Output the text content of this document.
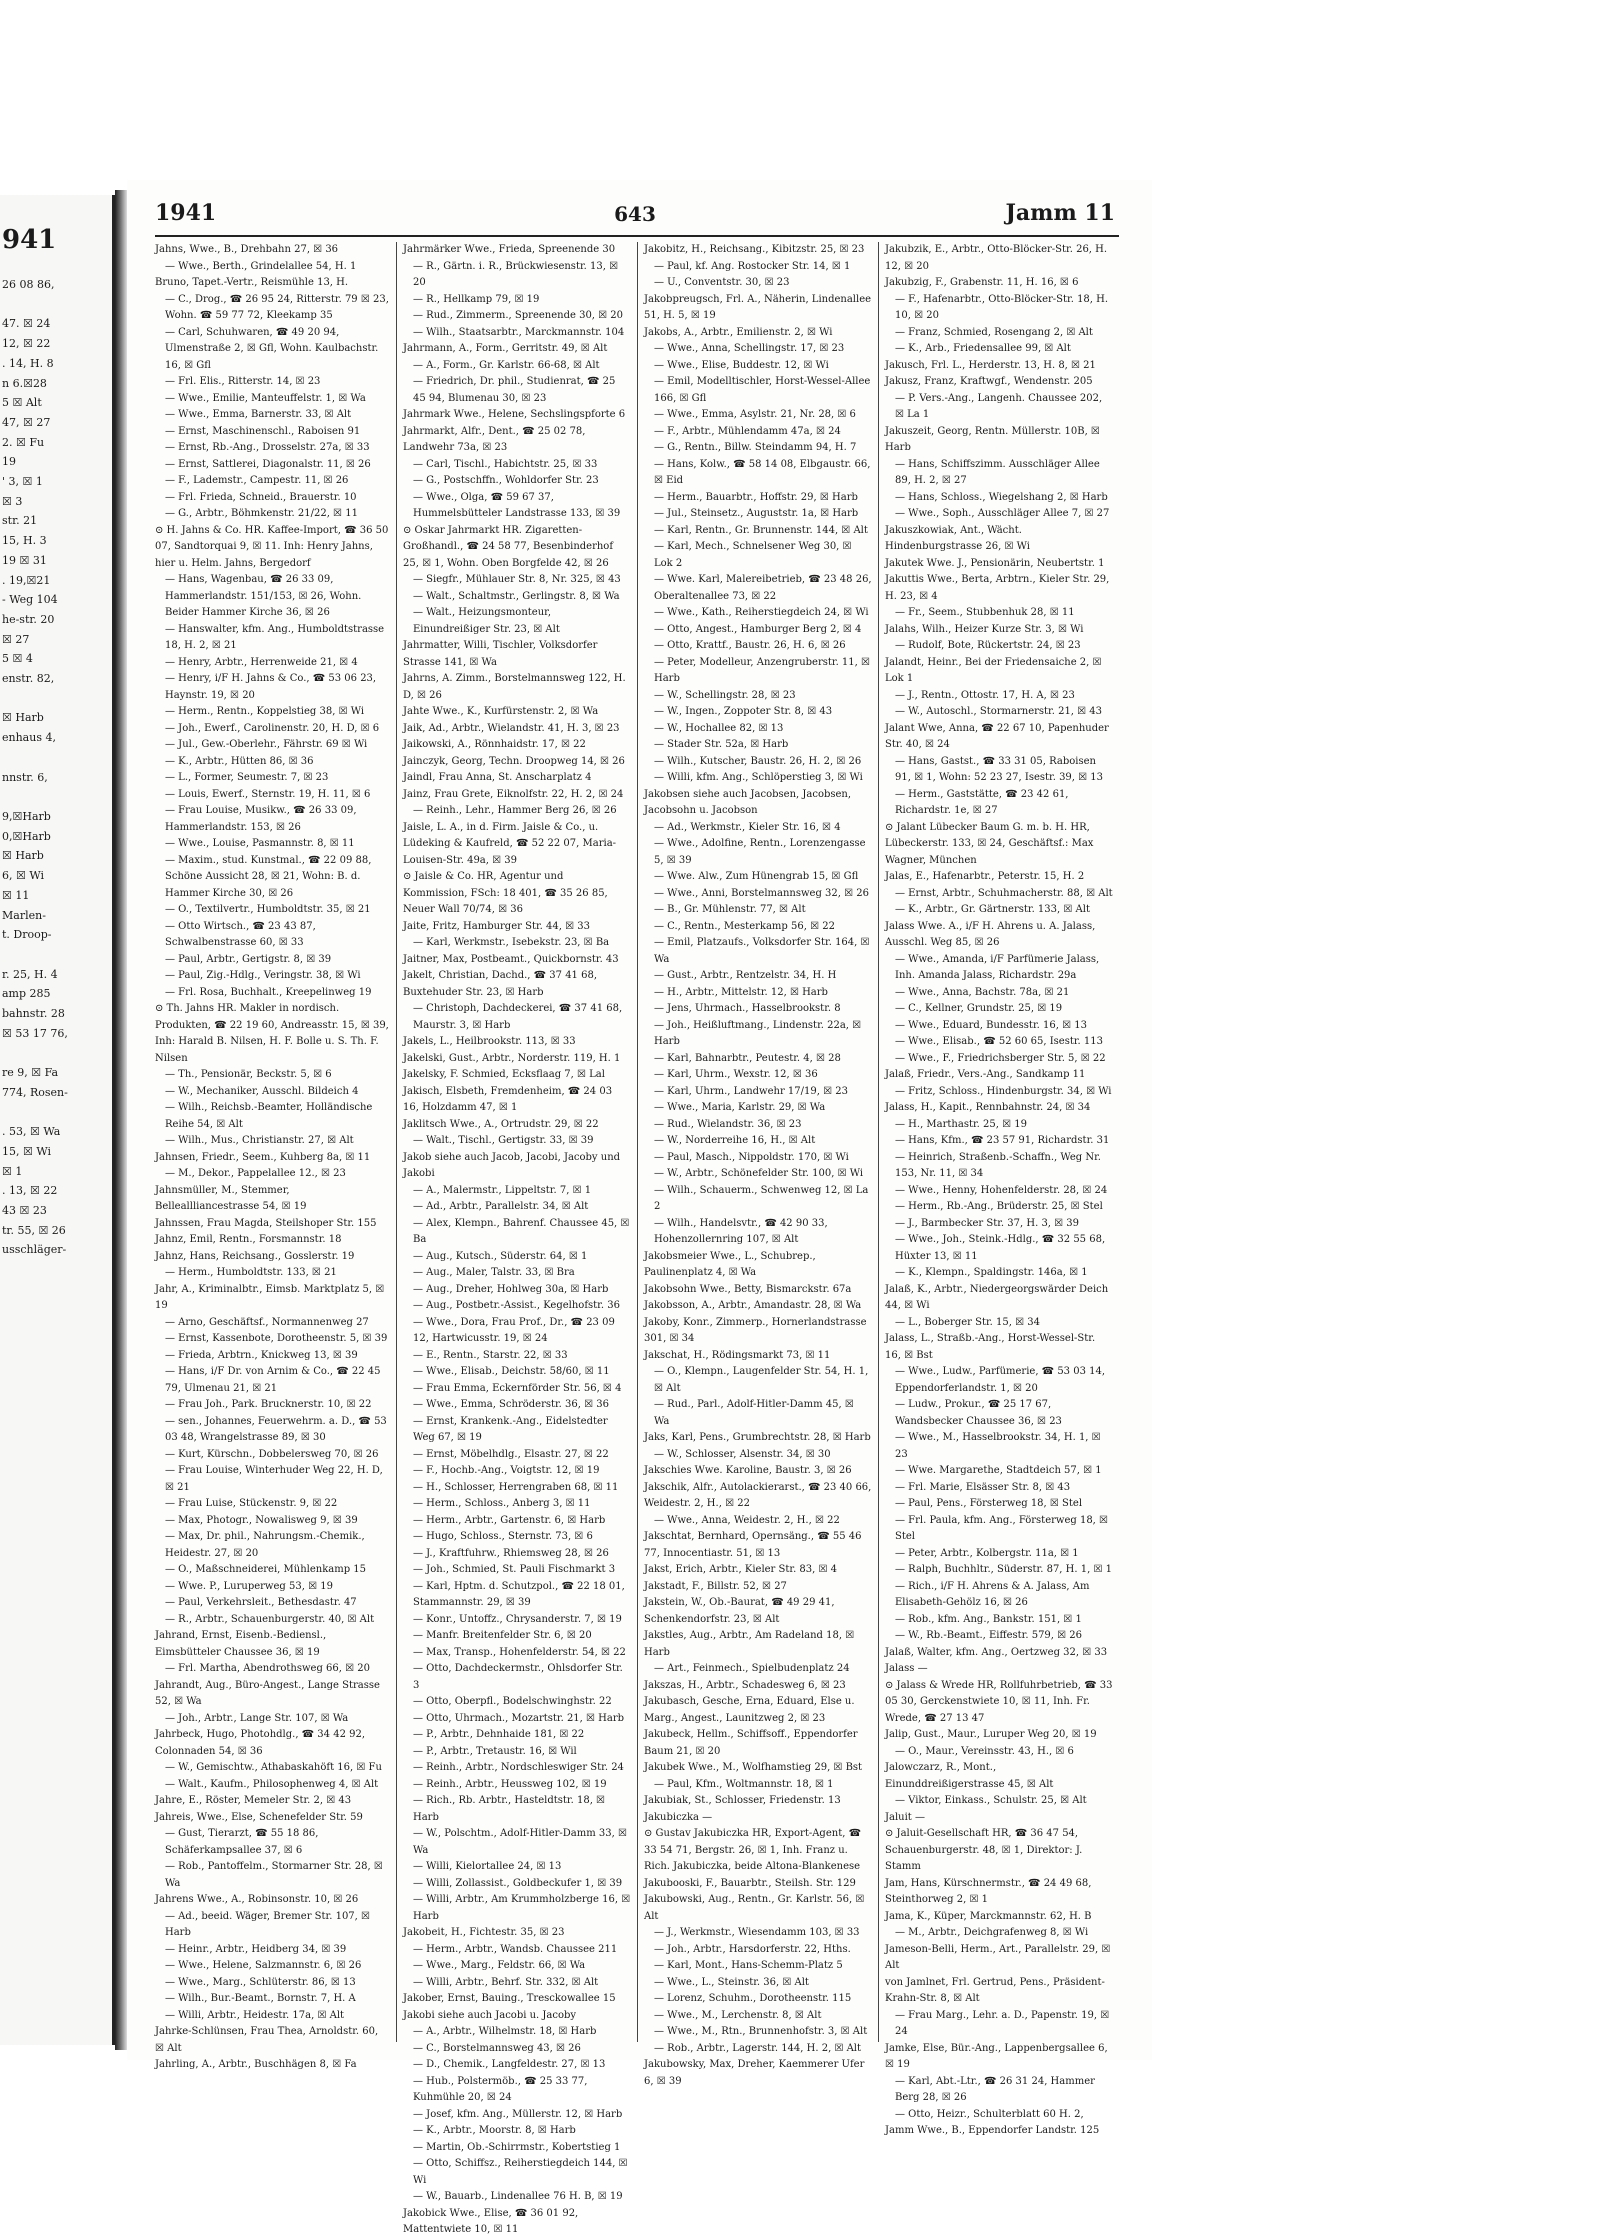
941
26 08 86,

47. ☒ 24
12, ☒ 22
. 14, H. 8
n 6.☒28
5 ☒ Alt
47, ☒ 27
2. ☒ Fu
19
' 3, ☒ 1
☒ 3
str. 21
15, H. 3
19 ☒ 31
. 19,☒21
- Weg 104
he-str. 20
☒ 27
5 ☒ 4
enstr. 82,

☒ Harb
enhaus 4,

nnstr. 6,

9,☒Harb
0,☒Harb
☒ Harb
6, ☒ Wi
☒ 11
Marlen-
t. Droop-

r. 25, H. 4
amp 285
bahnstr. 28
☒ 53 17 76,

re 9, ☒ Fa
774, Rosen-

. 53, ☒ Wa
15, ☒ Wi
☒ 1
. 13, ☒ 22
43 ☒ 23
tr. 55, ☒ 26
usschläger-
1941	643	Jamm 11

Jahns, Wwe., B., Drehbahn 27, ☒ 36

— Wwe., Berth., Grindelallee 54, H. 1

Bruno, Tapet.-Vertr., Reismühle 13, H.

— C., Drog., ☎ 26 95 24, Ritterstr. 79 ☒ 23, Wohn. ☎ 59 77 72, Kleekamp 35

— Carl, Schuhwaren, ☎ 49 20 94, Ulmenstraße 2, ☒ Gfl, Wohn. Kaulbachstr. 16, ☒ Gfl

— Frl. Elis., Ritterstr. 14, ☒ 23

— Wwe., Emilie, Manteuffelstr. 1, ☒ Wa

— Wwe., Emma, Barnerstr. 33, ☒ Alt

— Ernst, Maschinenschl., Raboisen 91

— Ernst, Rb.-Ang., Drosselstr. 27a, ☒ 33

— Ernst, Sattlerei, Diagonalstr. 11, ☒ 26

— F., Lademstr., Campestr. 11, ☒ 26

— Frl. Frieda, Schneid., Brauerstr. 10

— G., Arbtr., Böhmkenstr. 21/22, ☒ 11

⊙ H. Jahns & Co. HR. Kaffee-Import, ☎ 36 50 07, Sandtorquai 9, ☒ 11. Inh: Henry Jahns, hier u. Helm. Jahns, Bergedorf

— Hans, Wagenbau, ☎ 26 33 09, Hammerlandstr. 151/153, ☒ 26, Wohn. Beider Hammer Kirche 36, ☒ 26

— Hanswalter, kfm. Ang., Humboldtstrasse 18, H. 2, ☒ 21

— Henry, Arbtr., Herrenweide 21, ☒ 4

— Henry, i/F H. Jahns & Co., ☎ 53 06 23, Haynstr. 19, ☒ 20

— Herm., Rentn., Koppelstieg 38, ☒ Wi

— Joh., Ewerf., Carolinenstr. 20, H. D, ☒ 6

— Jul., Gew.-Oberlehr., Fährstr. 69 ☒ Wi

— K., Arbtr., Hütten 86, ☒ 36

— L., Former, Seumestr. 7, ☒ 23

— Louis, Ewerf., Sternstr. 19, H. 11, ☒ 6

— Frau Louise, Musikw., ☎ 26 33 09, Hammerlandstr. 153, ☒ 26

— Wwe., Louise, Pasmannstr. 8, ☒ 11

— Maxim., stud. Kunstmal., ☎ 22 09 88, Schöne Aussicht 28, ☒ 21, Wohn: B. d. Hammer Kirche 30, ☒ 26

— O., Textilvertr., Humboldtstr. 35, ☒ 21

— Otto Wirtsch., ☎ 23 43 87, Schwalbenstrasse 60, ☒ 33

— Paul, Arbtr., Gertigstr. 8, ☒ 39

— Paul, Zig.-Hdlg., Veringstr. 38, ☒ Wi

— Frl. Rosa, Buchhalt., Kreepelinweg 19

⊙ Th. Jahns HR. Makler in nordisch. Produkten, ☎ 22 19 60, Andreasstr. 15, ☒ 39, Inh: Harald B. Nilsen, H. F. Bolle u. S. Th. F. Nilsen

— Th., Pensionär, Beckstr. 5, ☒ 6

— W., Mechaniker, Ausschl. Bildeich 4

— Wilh., Reichsb.-Beamter, Holländische Reihe 54, ☒ Alt

— Wilh., Mus., Christianstr. 27, ☒ Alt

Jahnsen, Friedr., Seem., Kuhberg 8a, ☒ 11

— M., Dekor., Pappelallee 12., ☒ 23

Jahnsmüller, M., Stemmer, Belleallliancestrasse 54, ☒ 19

Jahnssen, Frau Magda, Steilshoper Str. 155

Jahnz, Emil, Rentn., Forsmannstr. 18

Jahnz, Hans, Reichsang., Gosslerstr. 19

— Herm., Humboldtstr. 133, ☒ 21

Jahr, A., Kriminalbtr., Eimsb. Marktplatz 5, ☒ 19

— Arno, Geschäftsf., Normannenweg 27

— Ernst, Kassenbote, Dorotheenstr. 5, ☒ 39

— Frieda, Arbtrn., Knickweg 13, ☒ 39

— Hans, i/F Dr. von Arnim & Co., ☎ 22 45 79, Ulmenau 21, ☒ 21

— Frau Joh., Park. Brucknerstr. 10, ☒ 22

— sen., Johannes, Feuerwehrm. a. D., ☎ 53 03 48, Wrangelstrasse 89, ☒ 30

— Kurt, Kürschn., Dobbelersweg 70, ☒ 26

— Frau Louise, Winterhuder Weg 22, H. D, ☒ 21

— Frau Luise, Stückenstr. 9, ☒ 22

— Max, Photogr., Nowalisweg 9, ☒ 39

— Max, Dr. phil., Nahrungsm.-Chemik., Heidestr. 27, ☒ 20

— O., Maßschneiderei, Mühlenkamp 15

— Wwe. P., Luruperweg 53, ☒ 19

— Paul, Verkehrsleit., Bethesdastr. 47

— R., Arbtr., Schauenburgerstr. 40, ☒ Alt

Jahrand, Ernst, Eisenb.-Bediensl., Eimsbütteler Chaussee 36, ☒ 19

— Frl. Martha, Abendrothsweg 66, ☒ 20

Jahrandt, Aug., Büro-Angest., Lange Strasse 52, ☒ Wa

— Joh., Arbtr., Lange Str. 107, ☒ Wa

Jahrbeck, Hugo, Photohdlg., ☎ 34 42 92, Colonnaden 54, ☒ 36

— W., Gemischtw., Athabaskahöft 16, ☒ Fu

— Walt., Kaufm., Philosophenweg 4, ☒ Alt

Jahre, E., Röster, Memeler Str. 2, ☒ 43

Jahreis, Wwe., Else, Schenefelder Str. 59

— Gust, Tierarzt, ☎ 55 18 86, Schäferkampsallee 37, ☒ 6

— Rob., Pantoffelm., Stormarner Str. 28, ☒ Wa

Jahrens Wwe., A., Robinsonstr. 10, ☒ 26

— Ad., beeid. Wäger, Bremer Str. 107, ☒ Harb

— Heinr., Arbtr., Heidberg 34, ☒ 39

— Wwe., Helene, Salzmannstr. 6, ☒ 26

— Wwe., Marg., Schlüterstr. 86, ☒ 13

— Wilh., Bur.-Beamt., Bornstr. 7, H. A

— Willi, Arbtr., Heidestr. 17a, ☒ Alt

Jahrke-Schlünsen, Frau Thea, Arnoldstr. 60, ☒ Alt

Jahrling, A., Arbtr., Buschhägen 8, ☒ Fa

Jahrmärker Wwe., Frieda, Spreenende 30

— R., Gärtn. i. R., Brückwiesenstr. 13, ☒ 20

— R., Hellkamp 79, ☒ 19

— Rud., Zimmerm., Spreenende 30, ☒ 20

— Wilh., Staatsarbtr., Marckmannstr. 104

Jahrmann, A., Form., Gerritstr. 49, ☒ Alt

— A., Form., Gr. Karlstr. 66-68, ☒ Alt

— Friedrich, Dr. phil., Studienrat, ☎ 25 45 94, Blumenau 30, ☒ 23

Jahrmark Wwe., Helene, Sechslingspforte 6

Jahrmarkt, Alfr., Dent., ☎ 25 02 78, Landwehr 73a, ☒ 23

— Carl, Tischl., Habichtstr. 25, ☒ 33

— G., Postschffn., Wohldorfer Str. 23

— Wwe., Olga, ☎ 59 67 37, Hummelsbütteler Landstrasse 133, ☒ 39

⊙ Oskar Jahrmarkt HR. Zigaretten-Großhandl., ☎ 24 58 77, Besenbinderhof 25, ☒ 1, Wohn. Oben Borgfelde 42, ☒ 26

— Siegfr., Mühlauer Str. 8, Nr. 325, ☒ 43

— Walt., Schaltmstr., Gerlingstr. 8, ☒ Wa

— Walt., Heizungsmonteur, Einundreißiger Str. 23, ☒ Alt

Jahrmatter, Willi, Tischler, Volksdorfer Strasse 141, ☒ Wa

Jahrns, A. Zimm., Borstelmannsweg 122, H. D, ☒ 26

Jahte Wwe., K., Kurfürstenstr. 2, ☒ Wa

Jaik, Ad., Arbtr., Wielandstr. 41, H. 3, ☒ 23

Jaikowski, A., Rönnhaidstr. 17, ☒ 22

Jainczyk, Georg, Techn. Droopweg 14, ☒ 26

Jaindl, Frau Anna, St. Anscharplatz 4

Jainz, Frau Grete, Eiknolfstr. 22, H. 2, ☒ 24

— Reinh., Lehr., Hammer Berg 26, ☒ 26

Jaisle, L. A., in d. Firm. Jaisle & Co., u. Lüdeking & Kaufreld, ☎ 52 22 07, Maria-Louisen-Str. 49a, ☒ 39

⊙ Jaisle & Co. HR, Agentur und Kommission, FSch: 18 401, ☎ 35 26 85, Neuer Wall 70/74, ☒ 36

Jaite, Fritz, Hamburger Str. 44, ☒ 33

— Karl, Werkmstr., Isebekstr. 23, ☒ Ba

Jaitner, Max, Postbeamt., Quickbornstr. 43

Jakelt, Christian, Dachd., ☎ 37 41 68, Buxtehuder Str. 23, ☒ Harb

— Christoph, Dachdeckerei, ☎ 37 41 68, Maurstr. 3, ☒ Harb

Jakels, L., Heilbrookstr. 113, ☒ 33

Jakelski, Gust., Arbtr., Norderstr. 119, H. 1

Jakelsky, F. Schmied, Ecksflaag 7, ☒ Lal

Jakisch, Elsbeth, Fremdenheim, ☎ 24 03 16, Holzdamm 47, ☒ 1

Jaklitsch Wwe., A., Ortrudstr. 29, ☒ 22

— Walt., Tischl., Gertigstr. 33, ☒ 39

Jakob siehe auch Jacob, Jacobi, Jacoby und Jakobi

— A., Malermstr., Lippeltstr. 7, ☒ 1

— Ad., Arbtr., Parallelstr. 34, ☒ Alt

— Alex, Klempn., Bahrenf. Chaussee 45, ☒ Ba

— Aug., Kutsch., Süderstr. 64, ☒ 1

— Aug., Maler, Talstr. 33, ☒ Bra

— Aug., Dreher, Hohlweg 30a, ☒ Harb

— Aug., Postbetr.-Assist., Kegelhofstr. 36

— Wwe., Dora, Frau Prof., Dr., ☎ 23 09 12, Hartwicusstr. 19, ☒ 24

— E., Rentn., Starstr. 22, ☒ 33

— Wwe., Elisab., Deichstr. 58/60, ☒ 11

— Frau Emma, Eckernförder Str. 56, ☒ 4

— Wwe., Emma, Schröderstr. 36, ☒ 36

— Ernst, Krankenk.-Ang., Eidelstedter Weg 67, ☒ 19

— Ernst, Möbelhdlg., Elsastr. 27, ☒ 22

— F., Hochb.-Ang., Voigtstr. 12, ☒ 19

— H., Schlosser, Herrengraben 68, ☒ 11

— Herm., Schloss., Anberg 3, ☒ 11

— Herm., Arbtr., Gartenstr. 6, ☒ Harb

— Hugo, Schloss., Sternstr. 73, ☒ 6

— J., Kraftfuhrw., Rhiemsweg 28, ☒ 26

— Joh., Schmied, St. Pauli Fischmarkt 3

— Karl, Hptm. d. Schutzpol., ☎ 22 18 01, Stammannstr. 29, ☒ 39

— Konr., Untoffz., Chrysanderstr. 7, ☒ 19

— Manfr. Breitenfelder Str. 6, ☒ 20

— Max, Transp., Hohenfelderstr. 54, ☒ 22

— Otto, Dachdeckermstr., Ohlsdorfer Str. 3

— Otto, Oberpfl., Bodelschwinghstr. 22

— Otto, Uhrmach., Mozartstr. 21, ☒ Harb

— P., Arbtr., Dehnhaide 181, ☒ 22

— P., Arbtr., Tretaustr. 16, ☒ Wil

— Reinh., Arbtr., Nordschleswiger Str. 24

— Reinh., Arbtr., Heussweg 102, ☒ 19

— Rich., Rb. Arbtr., Hasteldtstr. 18, ☒ Harb

— W., Polschtm., Adolf-Hitler-Damm 33, ☒ Wa

— Willi, Kielortallee 24, ☒ 13

— Willi, Zollassist., Goldbeckufer 1, ☒ 39

— Willi, Arbtr., Am Krummholzberge 16, ☒ Harb

Jakobeit, H., Fichtestr. 35, ☒ 23

— Herm., Arbtr., Wandsb. Chaussee 211

— Wwe., Marg., Feldstr. 66, ☒ Wa

— Willi, Arbtr., Behrf. Str. 332, ☒ Alt

Jakober, Ernst, Bauing., Tresckowallee 15

Jakobi siehe auch Jacobi u. Jacoby

— A., Arbtr., Wilhelmstr. 18, ☒ Harb

— C., Borstelmannsweg 43, ☒ 26

— D., Chemik., Langfeldestr. 27, ☒ 13

— Hub., Polstermöb., ☎ 25 33 77, Kuhmühle 20, ☒ 24

— Josef, kfm. Ang., Müllerstr. 12, ☒ Harb

— K., Arbtr., Moorstr. 8, ☒ Harb

— Martin, Ob.-Schirrmstr., Kobertstieg 1

— Otto, Schiffsz., Reiherstiegdeich 144, ☒ Wi

— W., Bauarb., Lindenallee 76 H. B, ☒ 19

Jakobick Wwe., Elise, ☎ 36 01 92, Mattentwiete 10, ☒ 11

Jakobitz, H., Reichsang., Kibitzstr. 25, ☒ 23

— Paul, kf. Ang. Rostocker Str. 14, ☒ 1

— U., Conventstr. 30, ☒ 23

Jakobpreugsch, Frl. A., Näherin, Lindenallee 51, H. 5, ☒ 19

Jakobs, A., Arbtr., Emilienstr. 2, ☒ Wi

— Wwe., Anna, Schellingstr. 17, ☒ 23

— Wwe., Elise, Buddestr. 12, ☒ Wi

— Emil, Modelltischler, Horst-Wessel-Allee 166, ☒ Gfl

— Wwe., Emma, Asylstr. 21, Nr. 28, ☒ 6

— F., Arbtr., Mühlendamm 47a, ☒ 24

— G., Rentn., Billw. Steindamm 94, H. 7

— Hans, Kolw., ☎ 58 14 08, Elbgaustr. 66, ☒ Eid

— Herm., Bauarbtr., Hoffstr. 29, ☒ Harb

— Jul., Steinsetz., Auguststr. 1a, ☒ Harb

— Karl, Rentn., Gr. Brunnenstr. 144, ☒ Alt

— Karl, Mech., Schnelsener Weg 30, ☒ Lok 2

— Wwe. Karl, Malereibetrieb, ☎ 23 48 26, Oberaltenallee 73, ☒ 22

— Wwe., Kath., Reiherstiegdeich 24, ☒ Wi

— Otto, Angest., Hamburger Berg 2, ☒ 4

— Otto, Krattf., Baustr. 26, H. 6, ☒ 26

— Peter, Modelleur, Anzengruberstr. 11, ☒ Harb

— W., Schellingstr. 28, ☒ 23

— W., Ingen., Zoppoter Str. 8, ☒ 43

— W., Hochallee 82, ☒ 13

— Stader Str. 52a, ☒ Harb

— Wilh., Kutscher, Baustr. 26, H. 2, ☒ 26

— Willi, kfm. Ang., Schlöperstieg 3, ☒ Wi

Jakobsen siehe auch Jacobsen, Jacobsen, Jacobsohn u. Jacobson

— Ad., Werkmstr., Kieler Str. 16, ☒ 4

— Wwe., Adolfine, Rentn., Lorenzengasse 5, ☒ 39

— Wwe. Alw., Zum Hünengrab 15, ☒ Gfl

— Wwe., Anni, Borstelmannsweg 32, ☒ 26

— B., Gr. Mühlenstr. 77, ☒ Alt

— C., Rentn., Mesterkamp 56, ☒ 22

— Emil, Platzaufs., Volksdorfer Str. 164, ☒ Wa

— Gust., Arbtr., Rentzelstr. 34, H. H

— H., Arbtr., Mittelstr. 12, ☒ Harb

— Jens, Uhrmach., Hasselbrookstr. 8

— Joh., Heißluftmang., Lindenstr. 22a, ☒ Harb

— Karl, Bahnarbtr., Peutestr. 4, ☒ 28

— Karl, Uhrm., Wexstr. 12, ☒ 36

— Karl, Uhrm., Landwehr 17/19, ☒ 23

— Wwe., Maria, Karlstr. 29, ☒ Wa

— Rud., Wielandstr. 36, ☒ 23

— W., Norderreihe 16, H., ☒ Alt

— Paul, Masch., Nippoldstr. 170, ☒ Wi

— W., Arbtr., Schönefelder Str. 100, ☒ Wi

— Wilh., Schauerm., Schwenweg 12, ☒ La 2

— Wilh., Handelsvtr., ☎ 42 90 33, Hohenzollernring 107, ☒ Alt

Jakobsmeier Wwe., L., Schubrep., Paulinenplatz 4, ☒ Wa

Jakobsohn Wwe., Betty, Bismarckstr. 67a

Jakobsson, A., Arbtr., Amandastr. 28, ☒ Wa

Jakoby, Konr., Zimmerp., Hornerlandstrasse 301, ☒ 34

Jakschat, H., Rödingsmarkt 73, ☒ 11

— O., Klempn., Laugenfelder Str. 54, H. 1, ☒ Alt

— Rud., Parl., Adolf-Hitler-Damm 45, ☒ Wa

Jaks, Karl, Pens., Grumbrechtstr. 28, ☒ Harb

— W., Schlosser, Alsenstr. 34, ☒ 30

Jakschies Wwe. Karoline, Baustr. 3, ☒ 26

Jakschik, Alfr., Autolackierarst., ☎ 23 40 66, Weidestr. 2, H., ☒ 22

— Wwe., Anna, Weidestr. 2, H., ☒ 22

Jakschtat, Bernhard, Opernsäng., ☎ 55 46 77, Innocentiastr. 51, ☒ 13

Jakst, Erich, Arbtr., Kieler Str. 83, ☒ 4

Jakstadt, F., Billstr. 52, ☒ 27

Jakstein, W., Ob.-Baurat, ☎ 49 29 41, Schenkendorfstr. 23, ☒ Alt

Jakstles, Aug., Arbtr., Am Radeland 18, ☒ Harb

— Art., Feinmech., Spielbudenplatz 24

Jakszas, H., Arbtr., Schadesweg 6, ☒ 23

Jakubasch, Gesche, Erna, Eduard, Else u. Marg., Angest., Launitzweg 2, ☒ 23

Jakubeck, Hellm., Schiffsoff., Eppendorfer Baum 21, ☒ 20

Jakubek Wwe., M., Wolfhamstieg 29, ☒ Bst

— Paul, Kfm., Woltmannstr. 18, ☒ 1

Jakubiak, St., Schlosser, Friedenstr. 13

Jakubiczka —

⊙ Gustav Jakubiczka HR, Export-Agent, ☎ 33 54 71, Bergstr. 26, ☒ 1, Inh. Franz u. Rich. Jakubiczka, beide Altona-Blankenese

Jakubooski, F., Bauarbtr., Steilsh. Str. 129

Jakubowski, Aug., Rentn., Gr. Karlstr. 56, ☒ Alt

— J., Werkmstr., Wiesendamm 103, ☒ 33

— Joh., Arbtr., Harsdorferstr. 22, Hths.

— Karl, Mont., Hans-Schemm-Platz 5

— Wwe., L., Steinstr. 36, ☒ Alt

— Lorenz, Schuhm., Dorotheenstr. 115

— Wwe., M., Lerchenstr. 8, ☒ Alt

— Wwe., M., Rtn., Brunnenhofstr. 3, ☒ Alt

— Rob., Arbtr., Lagerstr. 144, H. 2, ☒ Alt

Jakubowsky, Max, Dreher, Kaemmerer Ufer 6, ☒ 39

Jakubzik, E., Arbtr., Otto-Blöcker-Str. 26, H. 12, ☒ 20

Jakubzig, F., Grabenstr. 11, H. 16, ☒ 6

— F., Hafenarbtr., Otto-Blöcker-Str. 18, H. 10, ☒ 20

— Franz, Schmied, Rosengang 2, ☒ Alt

— K., Arb., Friedensallee 99, ☒ Alt

Jakusch, Frl. L., Herderstr. 13, H. 8, ☒ 21

Jakusz, Franz, Kraftwgf., Wendenstr. 205

— P. Vers.-Ang., Langenh. Chaussee 202, ☒ La 1

Jakuszeit, Georg, Rentn. Müllerstr. 10B, ☒ Harb

— Hans, Schiffszimm. Ausschläger Allee 89, H. 2, ☒ 27

— Hans, Schloss., Wiegelshang 2, ☒ Harb

— Wwe., Soph., Ausschläger Allee 7, ☒ 27

Jakuszkowiak, Ant., Wächt. Hindenburgstrasse 26, ☒ Wi

Jakutek Wwe. J., Pensionärin, Neubertstr. 1

Jakuttis Wwe., Berta, Arbtrn., Kieler Str. 29, H. 23, ☒ 4

— Fr., Seem., Stubbenhuk 28, ☒ 11

Jalahs, Wilh., Heizer Kurze Str. 3, ☒ Wi

— Rudolf, Bote, Rückertstr. 24, ☒ 23

Jalandt, Heinr., Bei der Friedensaiche 2, ☒ Lok 1

— J., Rentn., Ottostr. 17, H. A, ☒ 23

— W., Autoschl., Stormarnerstr. 21, ☒ 43

Jalant Wwe, Anna, ☎ 22 67 10, Papenhuder Str. 40, ☒ 24

— Hans, Gastst., ☎ 33 31 05, Raboisen 91, ☒ 1, Wohn: 52 23 27, Isestr. 39, ☒ 13

— Herm., Gaststätte, ☎ 23 42 61, Richardstr. 1e, ☒ 27

⊙ Jalant Lübecker Baum G. m. b. H. HR, Lübeckerstr. 133, ☒ 24, Geschäftsf.: Max Wagner, München

Jalas, E., Hafenarbtr., Peterstr. 15, H. 2

— Ernst, Arbtr., Schuhmacherstr. 88, ☒ Alt

— K., Arbtr., Gr. Gärtnerstr. 133, ☒ Alt

Jalass Wwe. A., i/F H. Ahrens u. A. Jalass, Ausschl. Weg 85, ☒ 26

— Wwe., Amanda, i/F Parfümerie Jalass, Inh. Amanda Jalass, Richardstr. 29a

— Wwe., Anna, Bachstr. 78a, ☒ 21

— C., Kellner, Grundstr. 25, ☒ 19

— Wwe., Eduard, Bundesstr. 16, ☒ 13

— Wwe., Elisab., ☎ 52 60 65, Isestr. 113

— Wwe., F., Friedrichsberger Str. 5, ☒ 22

Jalaß, Friedr., Vers.-Ang., Sandkamp 11

— Fritz, Schloss., Hindenburgstr. 34, ☒ Wi

Jalass, H., Kapit., Rennbahnstr. 24, ☒ 34

— H., Marthastr. 25, ☒ 19

— Hans, Kfm., ☎ 23 57 91, Richardstr. 31

— Heinrich, Straßenb.-Schaffn., Weg Nr. 153, Nr. 11, ☒ 34

— Wwe., Henny, Hohenfelderstr. 28, ☒ 24

— Herm., Rb.-Ang., Brüderstr. 25, ☒ Stel

— J., Barmbecker Str. 37, H. 3, ☒ 39

— Wwe., Joh., Steink.-Hdlg., ☎ 32 55 68, Hüxter 13, ☒ 11

— K., Klempn., Spaldingstr. 146a, ☒ 1

Jalaß, K., Arbtr., Niedergeorgswärder Deich 44, ☒ Wi

— L., Boberger Str. 15, ☒ 34

Jalass, L., Straßb.-Ang., Horst-Wessel-Str. 16, ☒ Bst

— Wwe., Ludw., Parfümerie, ☎ 53 03 14, Eppendorferlandstr. 1, ☒ 20

— Ludw., Prokur., ☎ 25 17 67, Wandsbecker Chaussee 36, ☒ 23

— Wwe., M., Hasselbrookstr. 34, H. 1, ☒ 23

— Wwe. Margarethe, Stadtdeich 57, ☒ 1

— Frl. Marie, Elsässer Str. 8, ☒ 43

— Paul, Pens., Försterweg 18, ☒ Stel

— Frl. Paula, kfm. Ang., Försterweg 18, ☒ Stel

— Peter, Arbtr., Kolbergstr. 11a, ☒ 1

— Ralph, Buchhltr., Süderstr. 87, H. 1, ☒ 1

— Rich., i/F H. Ahrens & A. Jalass, Am Elisabeth-Gehölz 16, ☒ 26

— Rob., kfm. Ang., Bankstr. 151, ☒ 1

— W., Rb.-Beamt., Eiffestr. 579, ☒ 26

Jalaß, Walter, kfm. Ang., Oertzweg 32, ☒ 33

Jalass —

⊙ Jalass & Wrede HR, Rollfuhrbetrieb, ☎ 33 05 30, Gerckenstwiete 10, ☒ 11, Inh. Fr. Wrede, ☎ 27 13 47

Jalip, Gust., Maur., Luruper Weg 20, ☒ 19

— O., Maur., Vereinsstr. 43, H., ☒ 6

Jalowczarz, R., Mont., Einunddreißigerstrasse 45, ☒ Alt

— Viktor, Einkass., Schulstr. 25, ☒ Alt

Jaluit —

⊙ Jaluit-Gesellschaft HR, ☎ 36 47 54, Schauenburgerstr. 48, ☒ 1, Direktor: J. Stamm

Jam, Hans, Kürschnermstr., ☎ 24 49 68, Steinthorweg 2, ☒ 1

Jama, K., Küper, Marckmannstr. 62, H. B

— M., Arbtr., Deichgrafenweg 8, ☒ Wi

Jameson-Belli, Herm., Art., Parallelstr. 29, ☒ Alt

von Jamlnet, Frl. Gertrud, Pens., Präsident-Krahn-Str. 8, ☒ Alt

— Frau Marg., Lehr. a. D., Papenstr. 19, ☒ 24

Jamke, Else, Bür.-Ang., Lappenbergsallee 6, ☒ 19

— Karl, Abt.-Ltr., ☎ 26 31 24, Hammer Berg 28, ☒ 26

— Otto, Heizr., Schulterblatt 60 H. 2,

Jamm Wwe., B., Eppendorfer Landstr. 125
